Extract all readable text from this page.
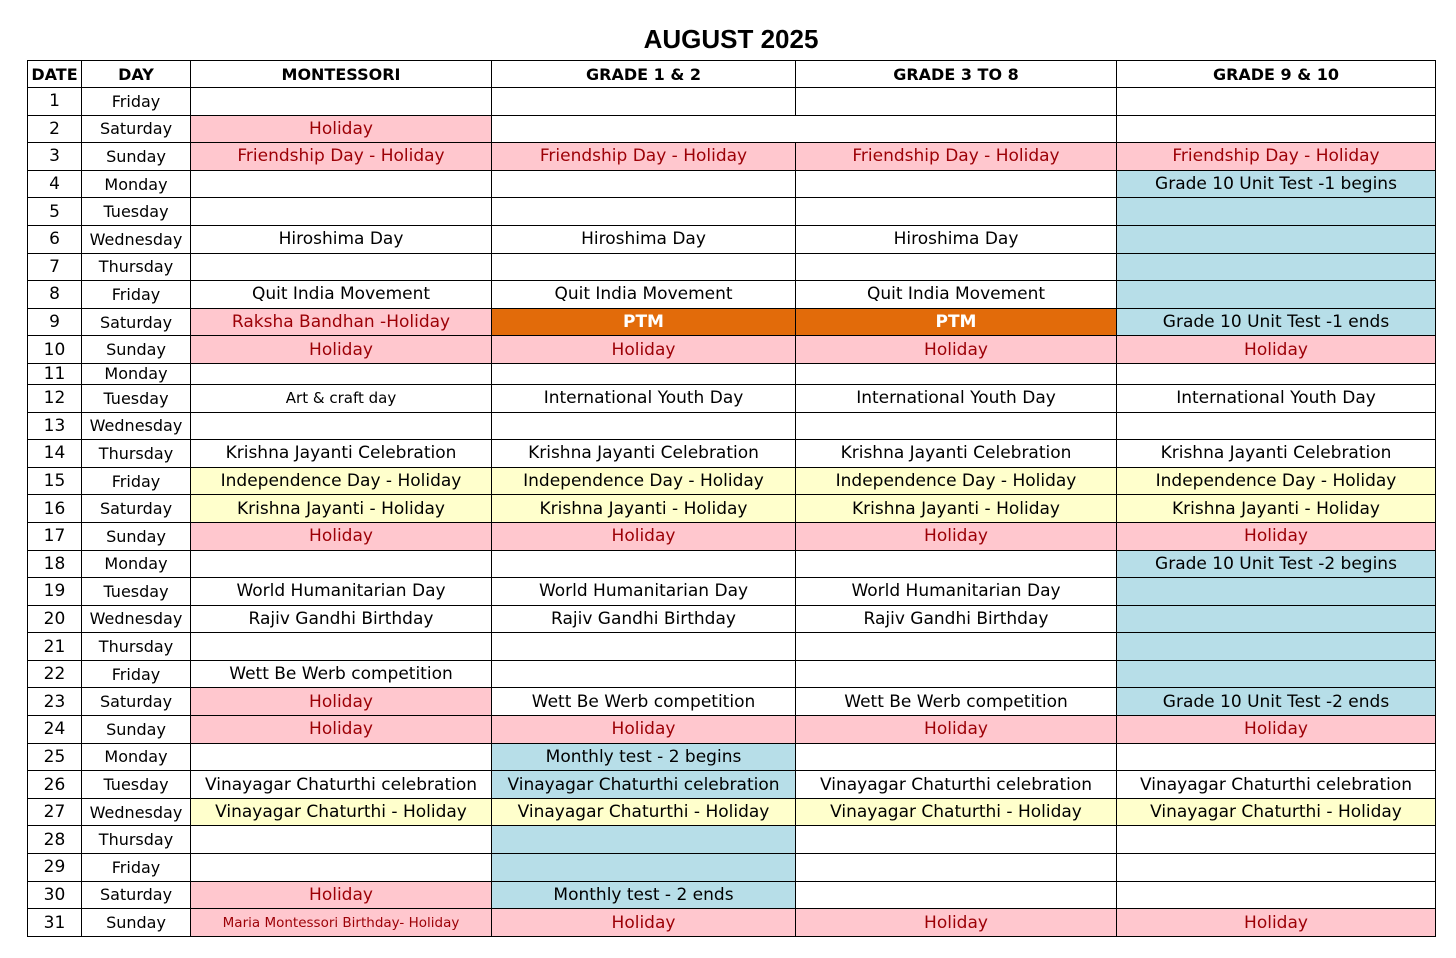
AUGUST 2025
DATE	DAY	MONTESSORI	GRADE 1 & 2	GRADE 3 TO 8	GRADE 9 & 10
1	Friday				
2	Saturday	Holiday			
3	Sunday	Friendship Day - Holiday	Friendship Day - Holiday	Friendship Day - Holiday	Friendship Day - Holiday
4	Monday				Grade 10 Unit Test -1 begins
5	Tuesday				
6	Wednesday	Hiroshima Day	Hiroshima Day	Hiroshima Day	
7	Thursday				
8	Friday	Quit India Movement	Quit India Movement	Quit India Movement	
9	Saturday	Raksha Bandhan -Holiday	PTM	PTM	Grade 10 Unit Test -1 ends
10	Sunday	Holiday	Holiday	Holiday	Holiday
11	Monday				
12	Tuesday	Art & craft day	International Youth Day	International Youth Day	International Youth Day
13	Wednesday				
14	Thursday	Krishna Jayanti Celebration	Krishna Jayanti Celebration	Krishna Jayanti Celebration	Krishna Jayanti Celebration
15	Friday	Independence Day - Holiday	Independence Day - Holiday	Independence Day - Holiday	Independence Day - Holiday
16	Saturday	Krishna Jayanti - Holiday	Krishna Jayanti - Holiday	Krishna Jayanti - Holiday	Krishna Jayanti - Holiday
17	Sunday	Holiday	Holiday	Holiday	Holiday
18	Monday				Grade 10 Unit Test -2 begins
19	Tuesday	World Humanitarian Day	World Humanitarian Day	World Humanitarian Day	
20	Wednesday	Rajiv Gandhi Birthday	Rajiv Gandhi Birthday	Rajiv Gandhi Birthday	
21	Thursday				
22	Friday	Wett Be Werb competition			
23	Saturday	Holiday	Wett Be Werb competition	Wett Be Werb competition	Grade 10 Unit Test -2 ends
24	Sunday	Holiday	Holiday	Holiday	Holiday
25	Monday		Monthly test - 2 begins		
26	Tuesday	Vinayagar Chaturthi celebration	Vinayagar Chaturthi celebration	Vinayagar Chaturthi celebration	Vinayagar Chaturthi celebration
27	Wednesday	Vinayagar Chaturthi - Holiday	Vinayagar Chaturthi - Holiday	Vinayagar Chaturthi - Holiday	Vinayagar Chaturthi - Holiday
28	Thursday				
29	Friday				
30	Saturday	Holiday	Monthly test - 2 ends		
31	Sunday	Maria Montessori Birthday- Holiday	Holiday	Holiday	Holiday
